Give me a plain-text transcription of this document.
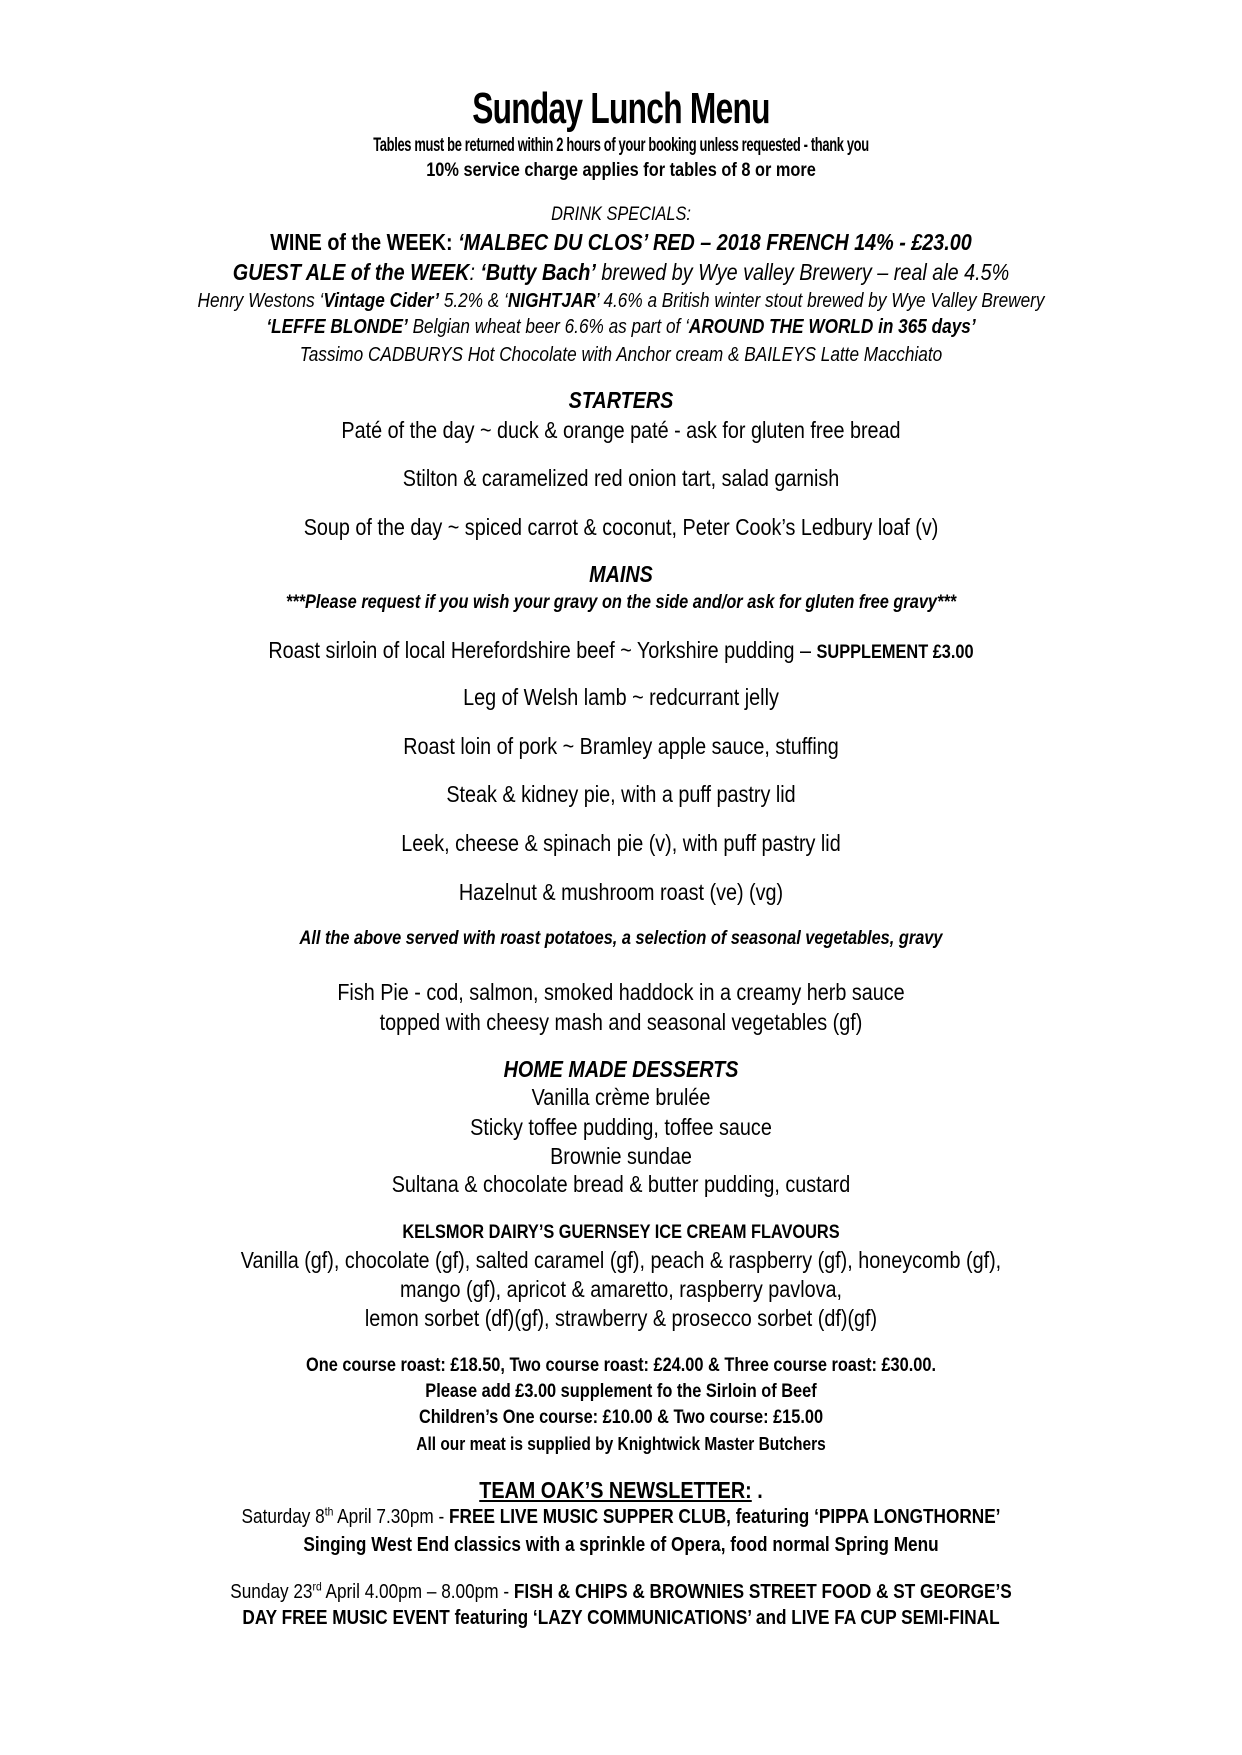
Sunday Lunch Menu
Tables must be returned within 2 hours of your booking unless requested - thank you
10% service charge applies for tables of 8 or more
DRINK SPECIALS:
WINE of the WEEK: ‘MALBEC DU CLOS’ RED – 2018 FRENCH 14% - £23.00
GUEST ALE of the WEEK: ‘Butty Bach’ brewed by Wye valley Brewery – real ale 4.5%
Henry Westons ‘Vintage Cider’ 5.2% & ‘NIGHTJAR’ 4.6% a British winter stout brewed by Wye Valley Brewery
‘LEFFE BLONDE’ Belgian wheat beer 6.6% as part of ‘AROUND THE WORLD in 365 days’
Tassimo CADBURYS Hot Chocolate with Anchor cream & BAILEYS Latte Macchiato
STARTERS
Paté of the day ~ duck & orange paté - ask for gluten free bread
Stilton & caramelized red onion tart, salad garnish
Soup of the day ~ spiced carrot & coconut, Peter Cook’s Ledbury loaf (v)
MAINS
***Please request if you wish your gravy on the side and/or ask for gluten free gravy***
Roast sirloin of local Herefordshire beef ~ Yorkshire pudding – SUPPLEMENT £3.00
Leg of Welsh lamb ~ redcurrant jelly
Roast loin of pork ~ Bramley apple sauce, stuffing
Steak & kidney pie, with a puff pastry lid
Leek, cheese & spinach pie (v), with puff pastry lid
Hazelnut & mushroom roast (ve) (vg)
All the above served with roast potatoes, a selection of seasonal vegetables, gravy
Fish Pie - cod, salmon, smoked haddock in a creamy herb sauce
topped with cheesy mash and seasonal vegetables (gf)
HOME MADE DESSERTS
Vanilla crème brulée
Sticky toffee pudding, toffee sauce
Brownie sundae
Sultana & chocolate bread & butter pudding, custard
KELSMOR DAIRY’S GUERNSEY ICE CREAM FLAVOURS
Vanilla (gf), chocolate (gf), salted caramel (gf), peach & raspberry (gf), honeycomb (gf),
mango (gf), apricot & amaretto, raspberry pavlova,
lemon sorbet (df)(gf), strawberry & prosecco sorbet (df)(gf)
One course roast: £18.50, Two course roast: £24.00 & Three course roast: £30.00.
Please add £3.00 supplement fo the Sirloin of Beef
Children’s One course: £10.00 & Two course: £15.00
All our meat is supplied by Knightwick Master Butchers
TEAM OAK’S NEWSLETTER: .
Saturday 8th April 7.30pm - FREE LIVE MUSIC SUPPER CLUB, featuring ‘PIPPA LONGTHORNE’
Singing West End classics with a sprinkle of Opera, food normal Spring Menu
Sunday 23rd April 4.00pm – 8.00pm - FISH & CHIPS & BROWNIES STREET FOOD & ST GEORGE’S
DAY FREE MUSIC EVENT featuring ‘LAZY COMMUNICATIONS’ and LIVE FA CUP SEMI-FINAL
